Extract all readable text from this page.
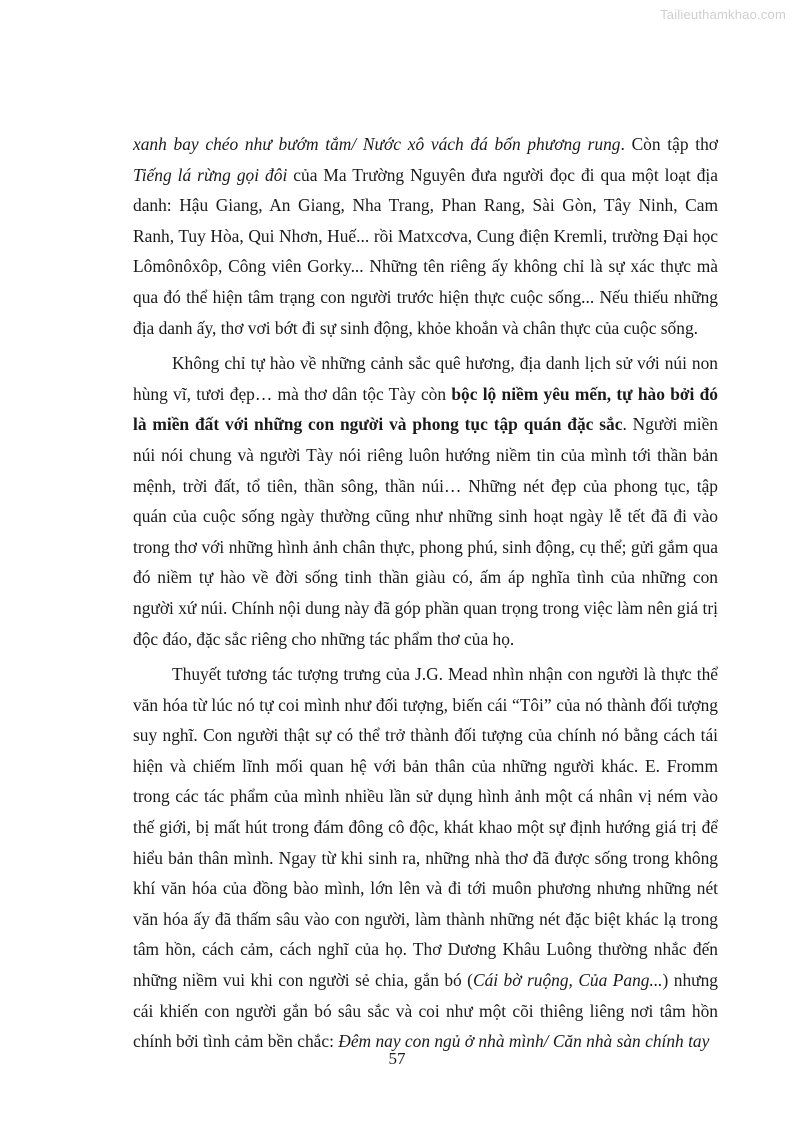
Tailieuthamkhao.com

xanh bay chéo như bướm tắm/ Nước xô vách đá bốn phương rung. Còn tập thơ Tiếng lá rừng gọi đôi của Ma Trường Nguyên đưa người đọc đi qua một loạt địa danh: Hậu Giang, An Giang, Nha Trang, Phan Rang, Sài Gòn, Tây Ninh, Cam Ranh, Tuy Hòa, Qui Nhơn, Huế... rồi Matxcơva, Cung điện Kremli, trường Đại học Lômônôxôp, Công viên Gorky... Những tên riêng ấy không chỉ là sự xác thực mà qua đó thể hiện tâm trạng con người trước hiện thực cuộc sống... Nếu thiếu những địa danh ấy, thơ vơi bớt đi sự sinh động, khỏe khoắn và chân thực của cuộc sống.

Không chỉ tự hào về những cảnh sắc quê hương, địa danh lịch sử với núi non hùng vĩ, tươi đẹp… mà thơ dân tộc Tày còn bộc lộ niềm yêu mến, tự hào bởi đó là miền đất với những con người và phong tục tập quán đặc sắc. Người miền núi nói chung và người Tày nói riêng luôn hướng niềm tin của mình tới thần bản mệnh, trời đất, tổ tiên, thần sông, thần núi… Những nét đẹp của phong tục, tập quán của cuộc sống ngày thường cũng như những sinh hoạt ngày lễ tết đã đi vào trong thơ với những hình ảnh chân thực, phong phú, sinh động, cụ thể; gửi gắm qua đó niềm tự hào về đời sống tinh thần giàu có, ấm áp nghĩa tình của những con người xứ núi. Chính nội dung này đã góp phần quan trọng trong việc làm nên giá trị độc đáo, đặc sắc riêng cho những tác phẩm thơ của họ.

Thuyết tương tác tượng trưng của J.G. Mead nhìn nhận con người là thực thể văn hóa từ lúc nó tự coi mình như đối tượng, biến cái “Tôi” của nó thành đối tượng suy nghĩ. Con người thật sự có thể trở thành đối tượng của chính nó bằng cách tái hiện và chiếm lĩnh mối quan hệ với bản thân của những người khác. E. Fromm trong các tác phẩm của mình nhiều lần sử dụng hình ảnh một cá nhân vị ném vào thế giới, bị mất hút trong đám đông cô độc, khát khao một sự định hướng giá trị để hiểu bản thân mình. Ngay từ khi sinh ra, những nhà thơ đã được sống trong không khí văn hóa của đồng bào mình, lớn lên và đi tới muôn phương nhưng những nét văn hóa ấy đã thấm sâu vào con người, làm thành những nét đặc biệt khác lạ trong tâm hồn, cách cảm, cách nghĩ của họ. Thơ Dương Khâu Luông thường nhắc đến những niềm vui khi con người sẻ chia, gắn bó (Cái bờ ruộng, Của Pang...) nhưng cái khiến con người gắn bó sâu sắc và coi như một cõi thiêng liêng nơi tâm hồn chính bởi tình cảm bền chắc: Đêm nay con ngủ ở nhà mình/ Căn nhà sàn chính tay

57
